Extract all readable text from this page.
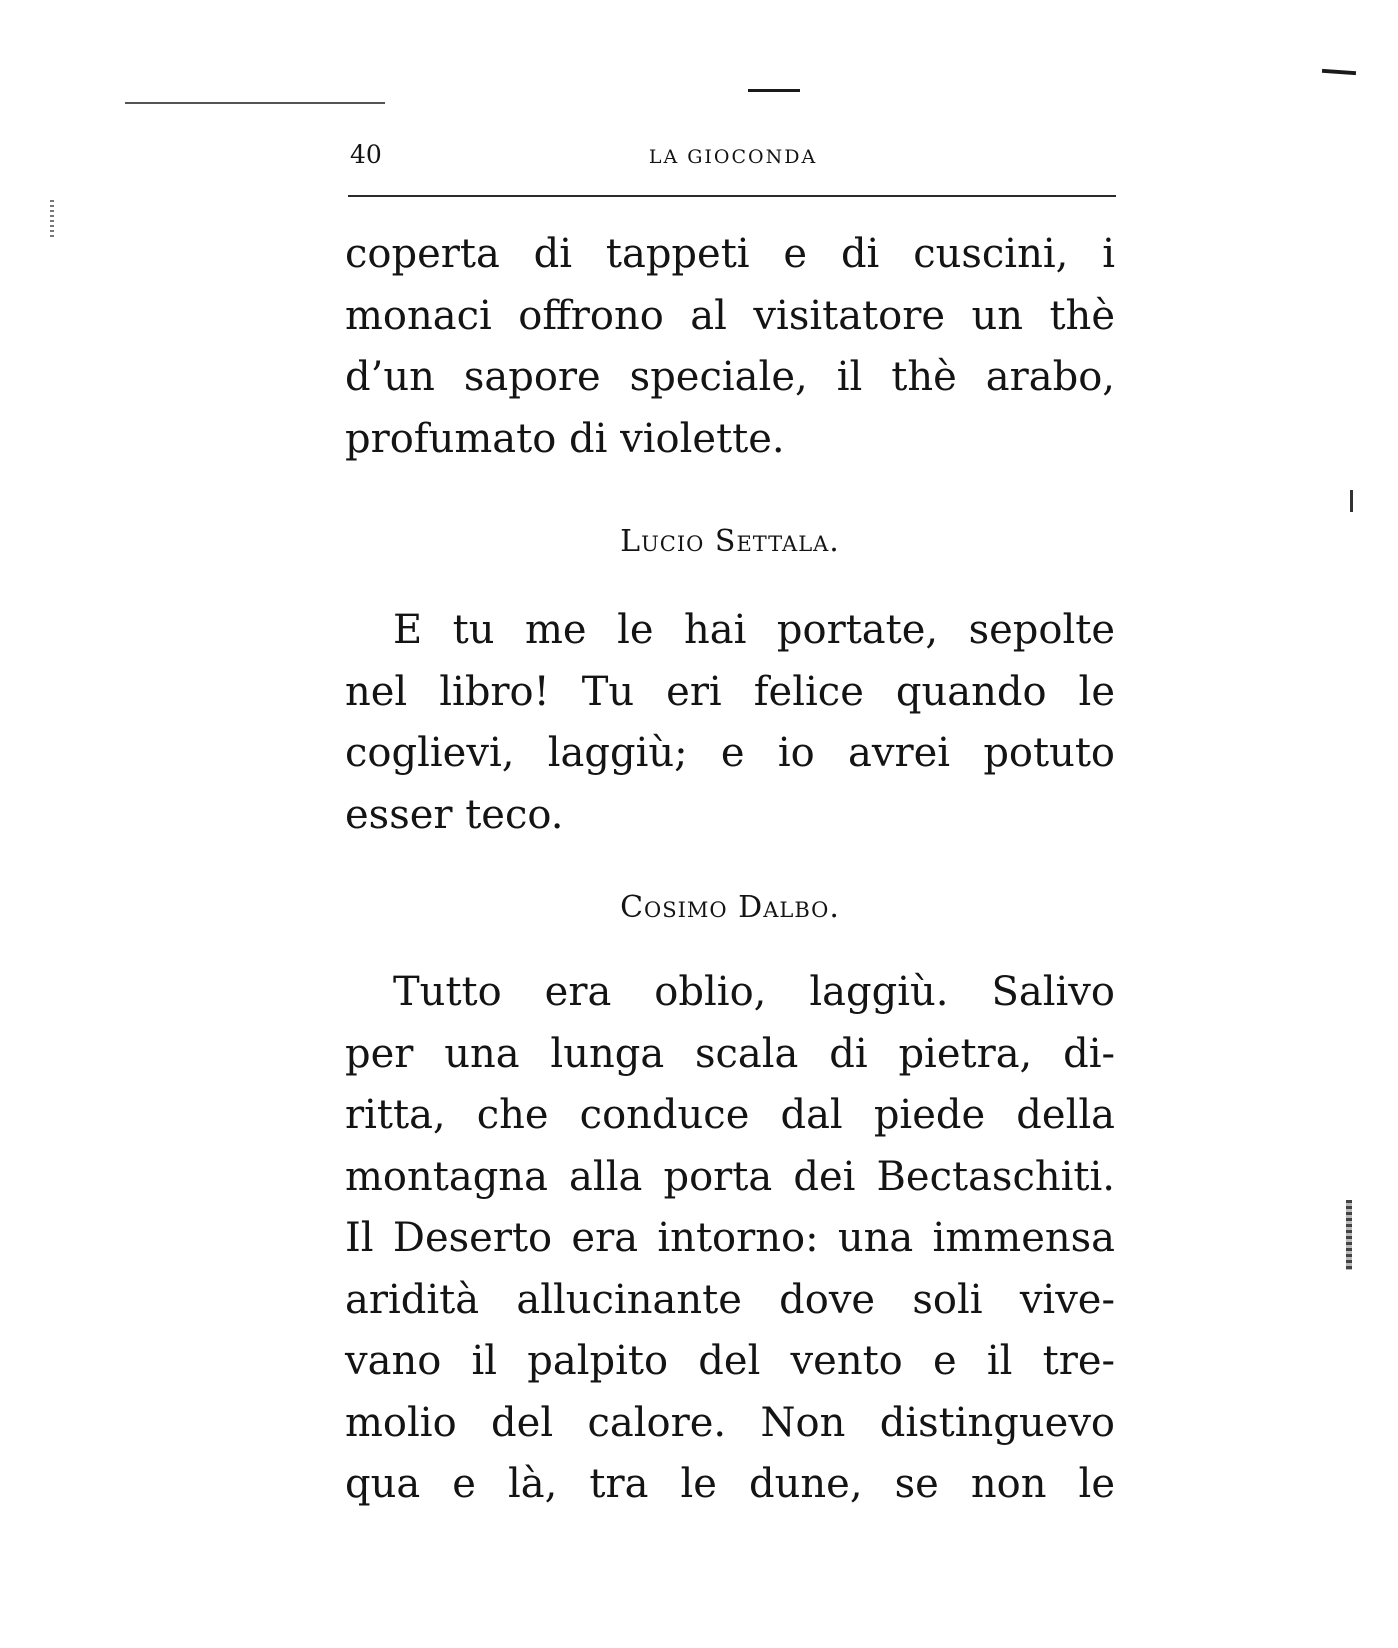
40	LA GIOCONDA
coperta di tappeti e di cuscini, i
monaci offrono al visitatore un thè
d’un sapore speciale, il thè arabo,
profumato di violette.
Lucio Settala.
E tu me le hai portate, sepolte
nel libro! Tu eri felice quando le
coglievi, laggiù; e io avrei potuto
esser teco.
Cosimo Dalbo.
Tutto era oblio, laggiù. Salivo
per una lunga scala di pietra, di-
ritta, che conduce dal piede della
montagna alla porta dei Bectaschiti.
Il Deserto era intorno: una immensa
aridità allucinante dove soli vive-
vano il palpito del vento e il tre-
molio del calore. Non distinguevo
qua e là, tra le dune, se non le
